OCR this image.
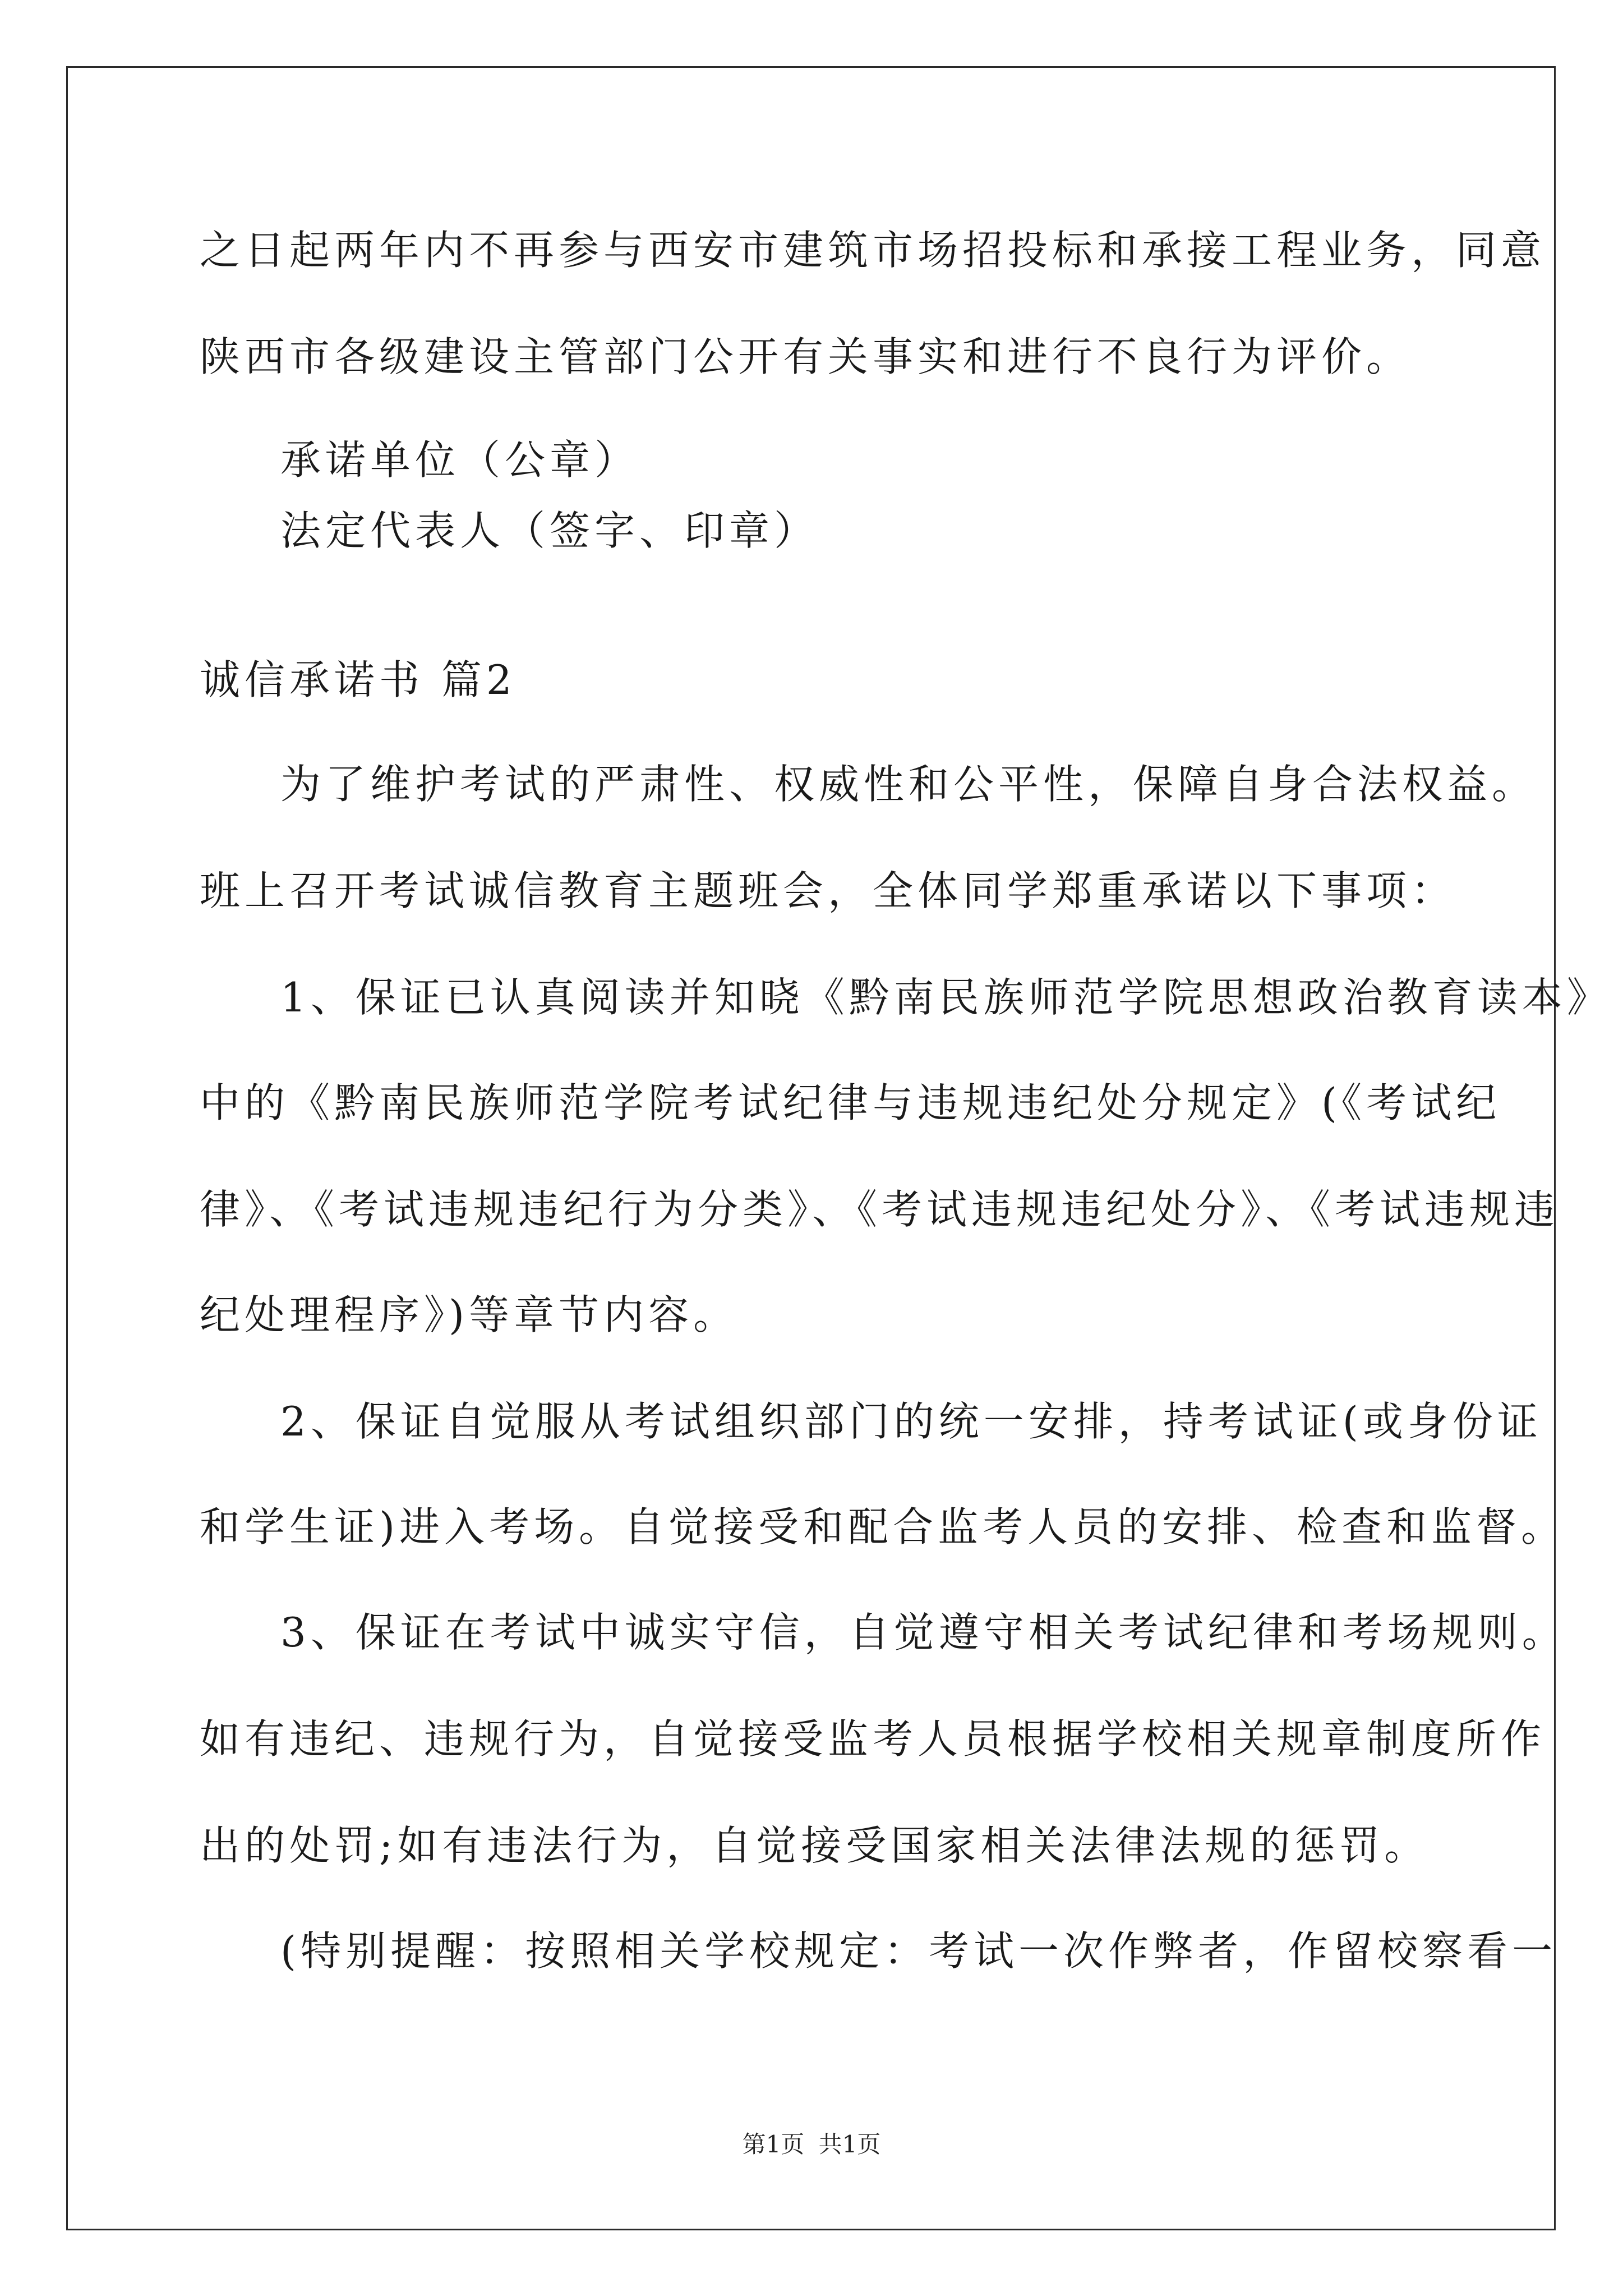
之日起两年内不再参与西安市建筑市场招投标和承接工程业务，同意
陕西市各级建设主管部门公开有关事实和进行不良行为评价。
承诺单位（公章）
法定代表人（签字、印章）
诚信承诺书 篇2
为了维护考试的严肃性、权威性和公平性，保障自身合法权益。
班上召开考试诚信教育主题班会，全体同学郑重承诺以下事项：
1、保证已认真阅读并知晓《黔南民族师范学院思想政治教育读本》
中的《黔南民族师范学院考试纪律与违规违纪处分规定》(《考试纪
律》、《考试违规违纪行为分类》、《考试违规违纪处分》、《考试违规违
纪处理程序》)等章节内容。
2、保证自觉服从考试组织部门的统一安排，持考试证(或身份证
和学生证)进入考场。自觉接受和配合监考人员的安排、检查和监督。
3、保证在考试中诚实守信，自觉遵守相关考试纪律和考场规则。
如有违纪、违规行为，自觉接受监考人员根据学校相关规章制度所作
出的处罚;如有违法行为，自觉接受国家相关法律法规的惩罚。
(特别提醒：按照相关学校规定：考试一次作弊者，作留校察看一
第1页 共1页
